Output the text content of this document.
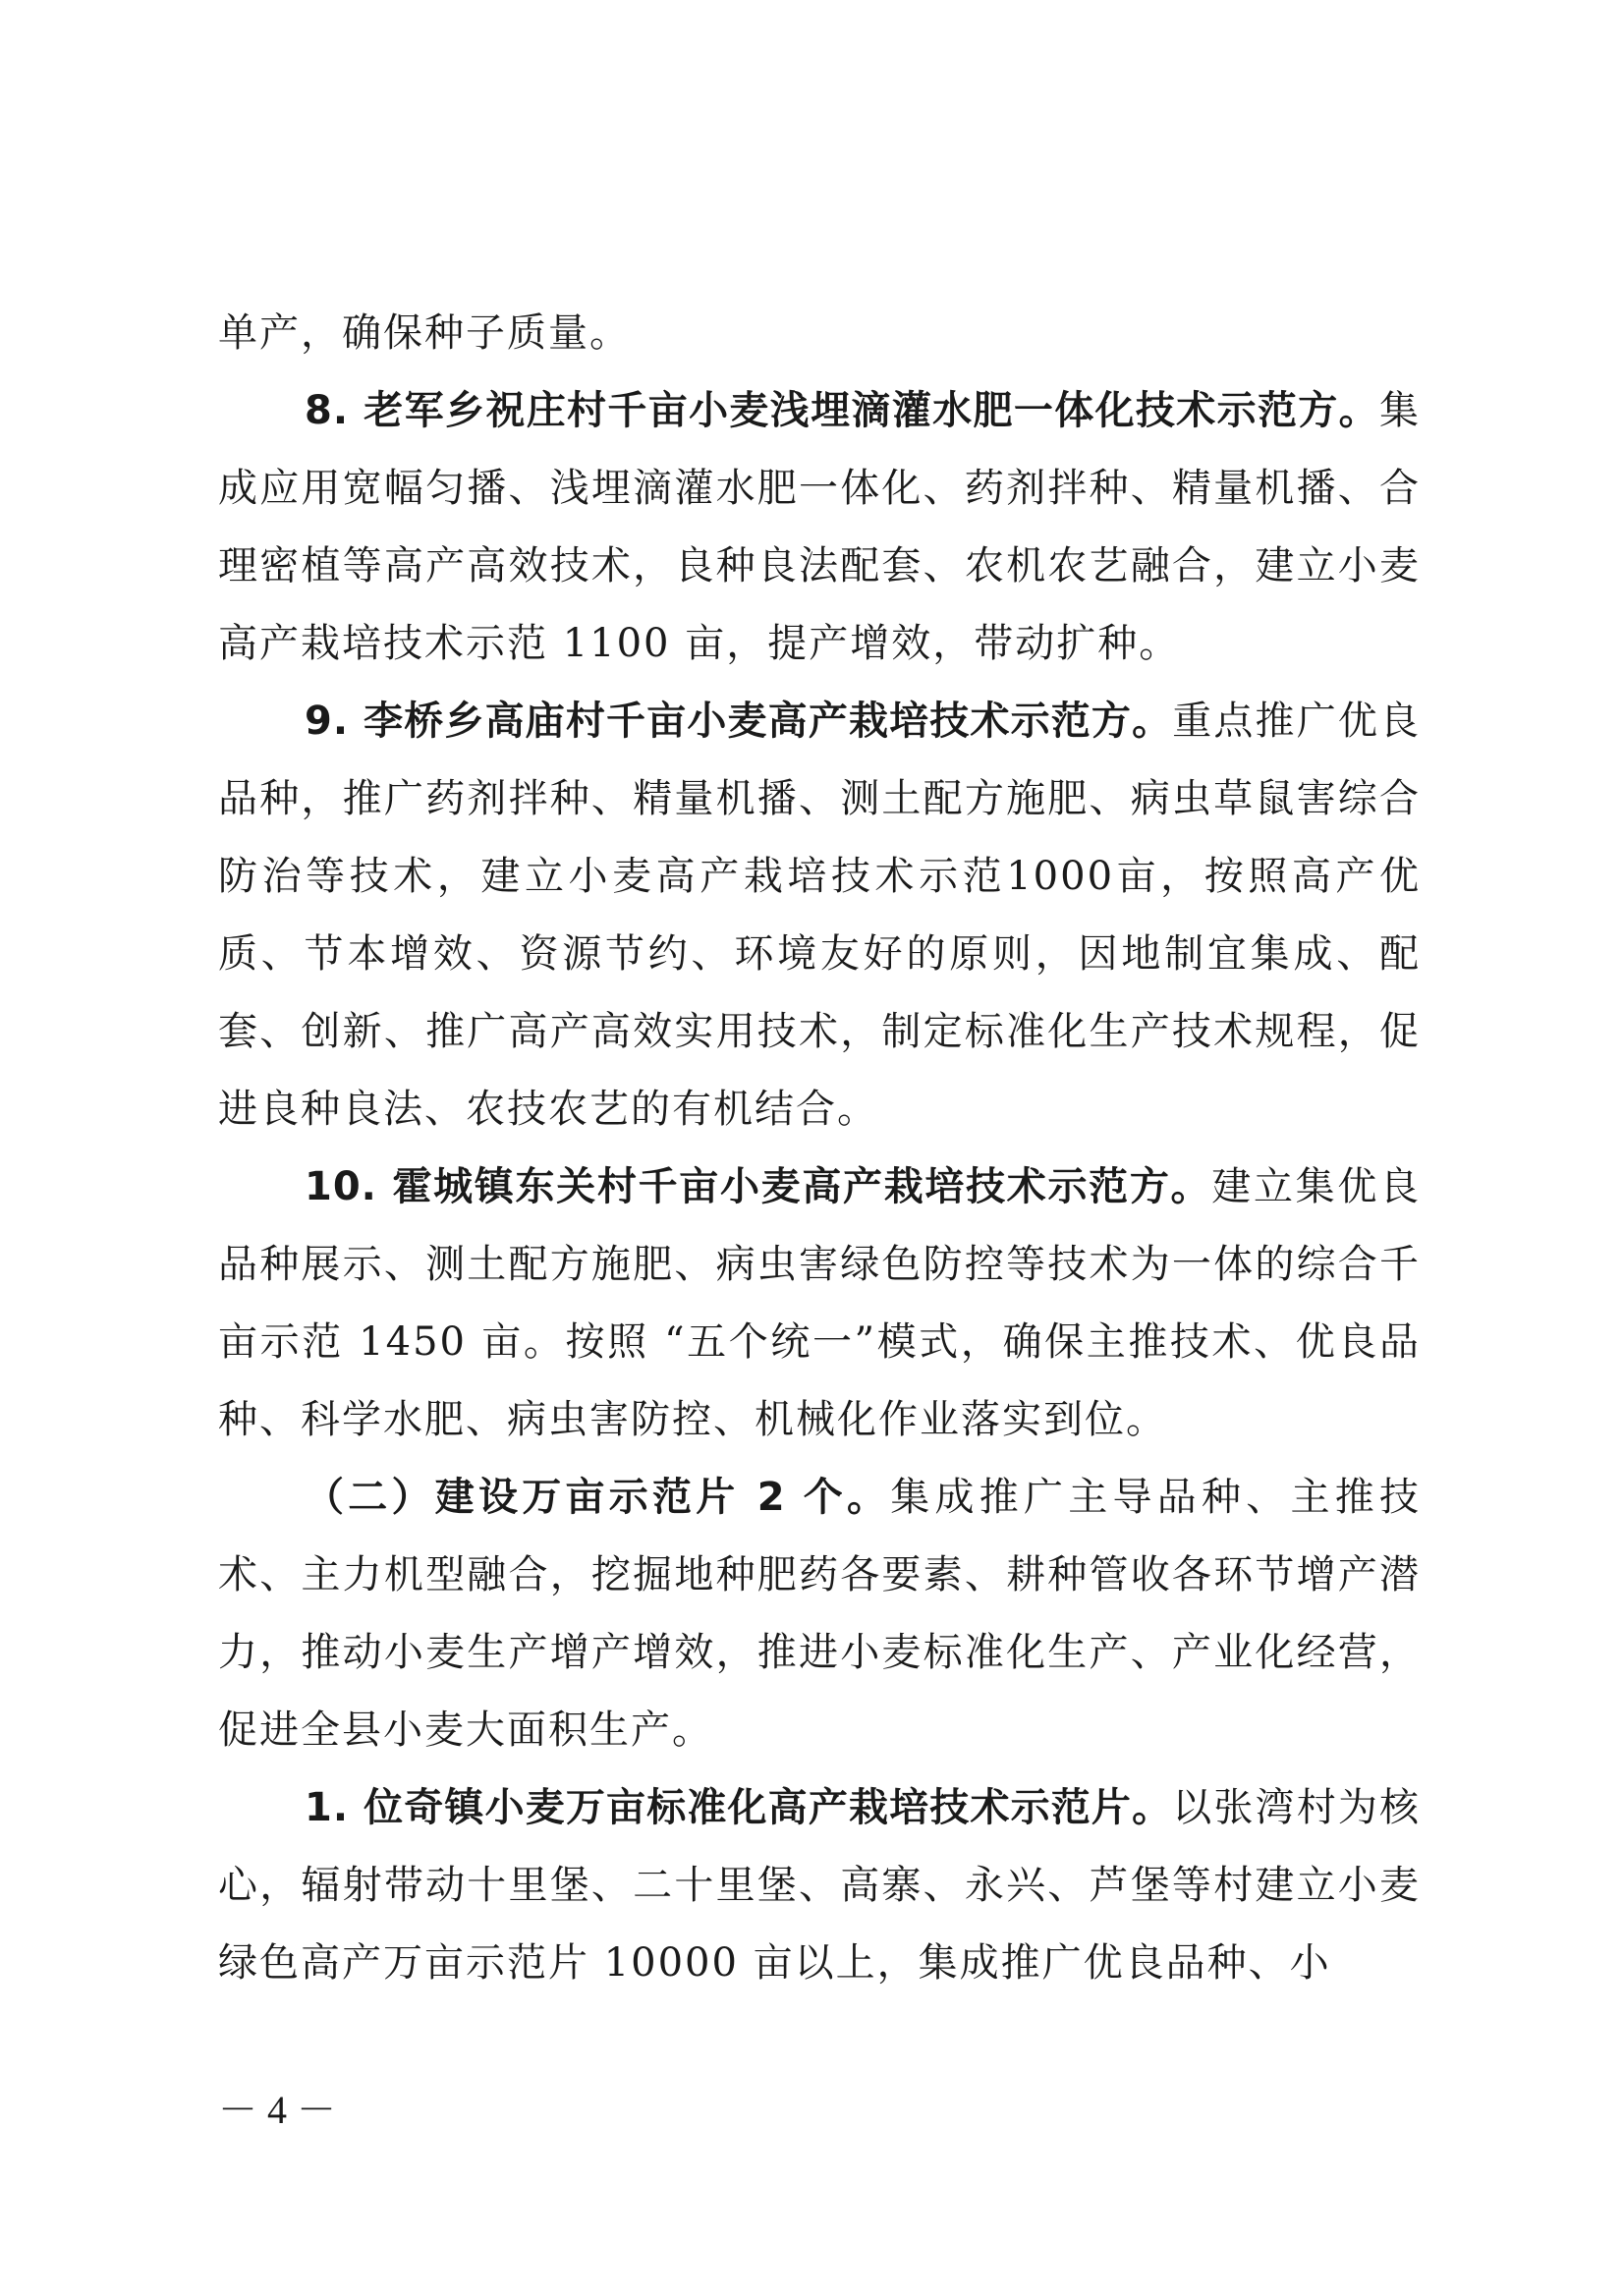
单产，确保种子质量。

8. 老军乡祝庄村千亩小麦浅埋滴灌水肥一体化技术示范方。集成应用宽幅匀播、浅埋滴灌水肥一体化、药剂拌种、精量机播、合理密植等高产高效技术，良种良法配套、农机农艺融合，建立小麦高产栽培技术示范 1100 亩，提产增效，带动扩种。

9. 李桥乡高庙村千亩小麦高产栽培技术示范方。重点推广优良品种，推广药剂拌种、精量机播、测土配方施肥、病虫草鼠害综合防治等技术，建立小麦高产栽培技术示范1000亩，按照高产优质、节本增效、资源节约、环境友好的原则，因地制宜集成、配套、创新、推广高产高效实用技术，制定标准化生产技术规程，促进良种良法、农技农艺的有机结合。

10. 霍城镇东关村千亩小麦高产栽培技术示范方。建立集优良品种展示、测土配方施肥、病虫害绿色防控等技术为一体的综合千亩示范 1450 亩。按照 “五个统一”模式，确保主推技术、优良品种、科学水肥、病虫害防控、机械化作业落实到位。

（二）建设万亩示范片 2 个。集成推广主导品种、主推技术、主力机型融合，挖掘地种肥药各要素、耕种管收各环节增产潜力，推动小麦生产增产增效，推进小麦标准化生产、产业化经营，促进全县小麦大面积生产。

1. 位奇镇小麦万亩标准化高产栽培技术示范片。以张湾村为核心，辐射带动十里堡、二十里堡、高寨、永兴、芦堡等村建立小麦绿色高产万亩示范片 10000 亩以上，集成推广优良品种、小

－ 4 －
